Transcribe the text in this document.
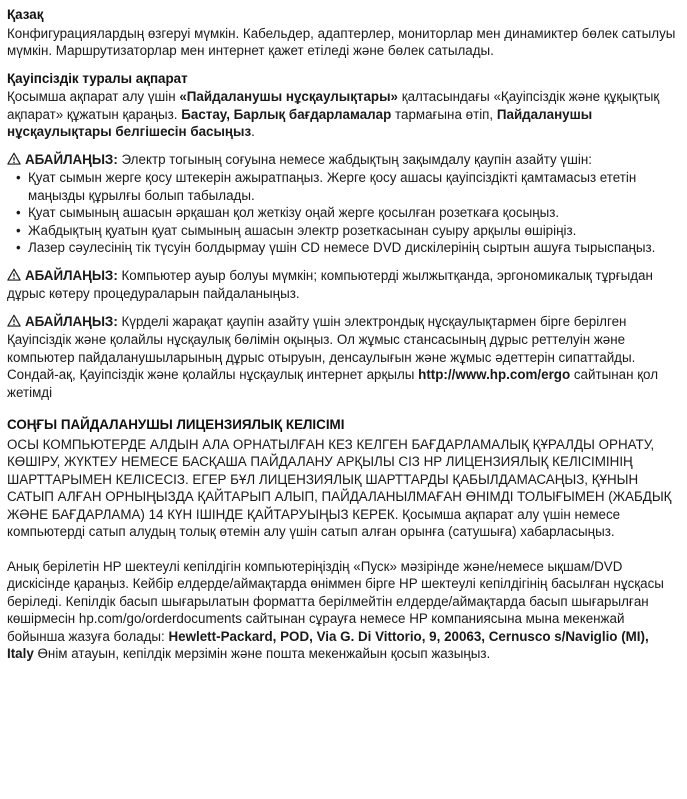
Қазақ

Конфигурациялардың өзгеруі мүмкін. Кабельдер, адаптерлер, мониторлар мен динамиктер бөлек сатылуы мүмкін. Маршрутизаторлар мен интернет қажет етіледі және бөлек сатылады.

Қауіпсіздік туралы ақпарат

Қосымша ақпарат алу үшін «Пайдаланушы нұсқаулықтары» қалтасындағы «Қауіпсіздік және құқықтық ақпарат» құжатын қараңыз. Бастау, Барлық бағдарламалар тармағына өтіп, Пайдаланушы нұсқаулықтары белгішесін басыңыз.

АБАЙЛАҢЫЗ: Электр тогының соғуына немесе жабдықтың зақымдалу қаупін азайту үшін:
• Қуат сымын жерге қосу штекерін ажыратпаңыз. Жерге қосу ашасы қауіпсіздікті қамтамасыз ететін маңызды құрылғы болып табылады.
• Қуат сымының ашасын әрқашан қол жеткізу оңай жерге қосылған розеткаға қосыңыз.
• Жабдықтың қуатын қуат сымының ашасын электр розеткасынан суыру арқылы өшіріңіз.
• Лазер сәулесінің тік түсуін болдырмау үшін CD немесе DVD дискілерінің сыртын ашуға тырыспаңыз.
АБАЙЛАҢЫЗ: Компьютер ауыр болуы мүмкін; компьютерді жылжытқанда, эргономикалық тұрғыдан дұрыс көтеру процедураларын пайдаланыңыз.
АБАЙЛАҢЫЗ: Күрделі жарақат қаупін азайту үшін электрондық нұсқаулықтармен бірге берілген Қауіпсіздік және қолайлы нұсқаулық бөлімін оқыңыз. Ол жұмыс стансасының дұрыс реттелуін және компьютер пайдаланушыларының дұрыс отыруын, денсаулығын және жұмыс әдеттерін сипаттайды. Сондай-ақ, Қауіпсіздік және қолайлы нұсқаулық интернет арқылы http://www.hp.com/ergo сайтынан қол жетімді
СОҢҒЫ ПАЙДАЛАНУШЫ ЛИЦЕНЗИЯЛЫҚ КЕЛІСІМІ

ОСЫ КОМПЬЮТЕРДЕ АЛДЫН АЛА ОРНАТЫЛҒАН КЕЗ КЕЛГЕН БАҒДАРЛАМАЛЫҚ ҚҰРАЛДЫ ОРНАТУ, КӨШІРУ, ЖҮКТЕУ НЕМЕСЕ БАСҚАША ПАЙДАЛАНУ АРҚЫЛЫ СІЗ HP ЛИЦЕНЗИЯЛЫҚ КЕЛІСІМІНІҢ ШАРТТАРЫМЕН КЕЛІСЕСІЗ. ЕГЕР БҰЛ ЛИЦЕНЗИЯЛЫҚ ШАРТТАРДЫ ҚАБЫЛДАМАСАҢЫЗ, ҚҰНЫН САТЫП АЛҒАН ОРНЫҢЫЗДА ҚАЙТАРЫП АЛЫП, ПАЙДАЛАНЫЛМАҒАН ӨНІМДІ ТОЛЫҒЫМЕН (ЖАБДЫҚ ЖӘНЕ БАҒДАРЛАМА) 14 КҮН ІШІНДЕ ҚАЙТАРУЫҢЫЗ КЕРЕК. Қосымша ақпарат алу үшін немесе компьютерді сатып алудың толық өтемін алу үшін сатып алған орынға (сатушыға) хабарласыңыз.

Анық берілетін HP шектеулі кепілдігін компьютеріңіздің «Пуск» мәзірінде және/немесе ықшам/DVD дискісінде қараңыз. Кейбір елдерде/аймақтарда өніммен бірге HP шектеулі кепілдігінің басылған нұсқасы беріледі. Кепілдік басып шығарылатын форматта берілмейтін елдерде/аймақтарда басып шығарылған көшірмесін hp.com/go/orderdocuments сайтынан сұрауға немесе HP компаниясына мына мекенжай бойынша жазуға болады: Hewlett-Packard, POD, Via G. Di Vittorio, 9, 20063, Cernusco s/Naviglio (MI), Italy Өнім атауын, кепілдік мерзімін және пошта мекенжайын қосып жазыңыз.
